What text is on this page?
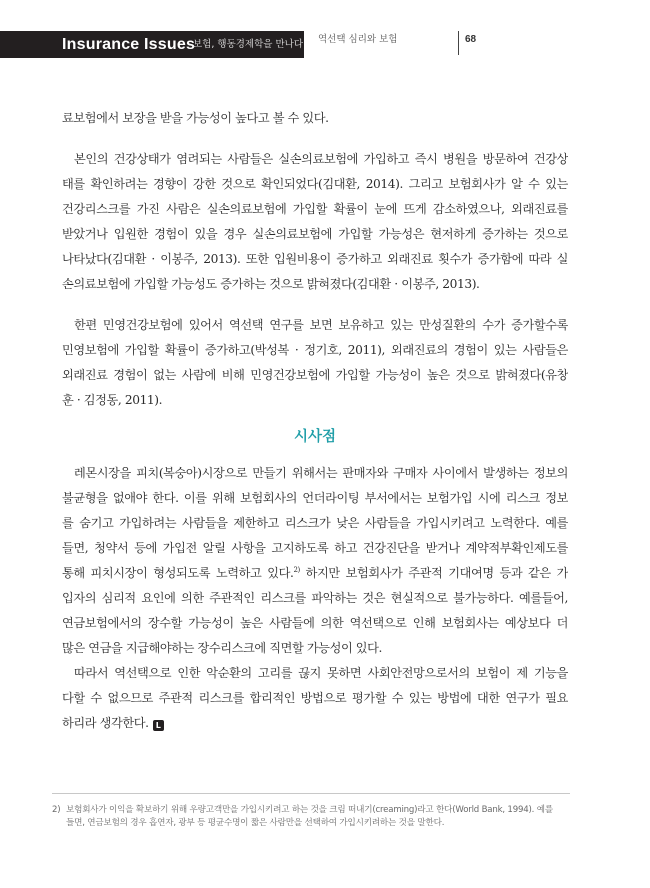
Insurance Issues
보험, 행동경제학을 만나다 역선택 심리와 보험	68
료보험에서 보장을 받을 가능성이 높다고 볼 수 있다.
본인의 건강상태가 염려되는 사람들은 실손의료보험에 가입하고 즉시 병원을 방문하여 건강상
태를 확인하려는 경향이 강한 것으로 확인되었다(김대환, 2014). 그리고 보험회사가 알 수 있는
건강리스크를 가진 사람은 실손의료보험에 가입할 확률이 눈에 뜨게 감소하였으나, 외래진료를
받았거나 입원한 경험이 있을 경우 실손의료보험에 가입할 가능성은 현저하게 증가하는 것으로
나타났다(김대환 · 이봉주, 2013). 또한 입원비용이 증가하고 외래진료 횟수가 증가함에 따라 실
손의료보험에 가입할 가능성도 증가하는 것으로 밝혀졌다(김대환 · 이봉주, 2013).
한편 민영건강보험에 있어서 역선택 연구를 보면 보유하고 있는 만성질환의 수가 증가할수록
민영보험에 가입할 확률이 증가하고(박성복 · 정기호, 2011), 외래진료의 경험이 있는 사람들은
외래진료 경험이 없는 사람에 비해 민영건강보험에 가입할 가능성이 높은 것으로 밝혀졌다(유창
훈 · 김정동, 2011).
시사점
레몬시장을 피치(복숭아)시장으로 만들기 위해서는 판매자와 구매자 사이에서 발생하는 정보의
불균형을 없애야 한다. 이를 위해 보험회사의 언더라이팅 부서에서는 보험가입 시에 리스크 정보
를 숨기고 가입하려는 사람들을 제한하고 리스크가 낮은 사람들을 가입시키려고 노력한다. 예를
들면, 청약서 등에 가입전 알릴 사항을 고지하도록 하고 건강진단을 받거나 계약적부확인제도를
통해 피치시장이 형성되도록 노력하고 있다.$^{2)}$ 하지만 보험회사가 주관적 기대여명 등과 같은 가
입자의 심리적 요인에 의한 주관적인 리스크를 파악하는 것은 현실적으로 불가능하다. 예를들어,
연금보험에서의 장수할 가능성이 높은 사람들에 의한 역선택으로 인해 보험회사는 예상보다 더
많은 연금을 지급해야하는 장수리스크에 직면할 가능성이 있다.
따라서 역선택으로 인한 악순환의 고리를 끊지 못하면 사회안전망으로서의 보험이 제 기능을
다할 수 없으므로 주관적 리스크를 합리적인 방법으로 평가할 수 있는 방법에 대한 연구가 필요
하리라 생각한다. L
2) 보험회사가 이익을 확보하기 위해 우량고객만을 가입시키려고 하는 것을 크림 떠내기(creaming)라고 한다(World Bank, 1994). 예를
들면, 연금보험의 경우 흡연자, 광부 등 평균수명이 짧은 사람만을 선택하여 가입시키려하는 것을 말한다.
